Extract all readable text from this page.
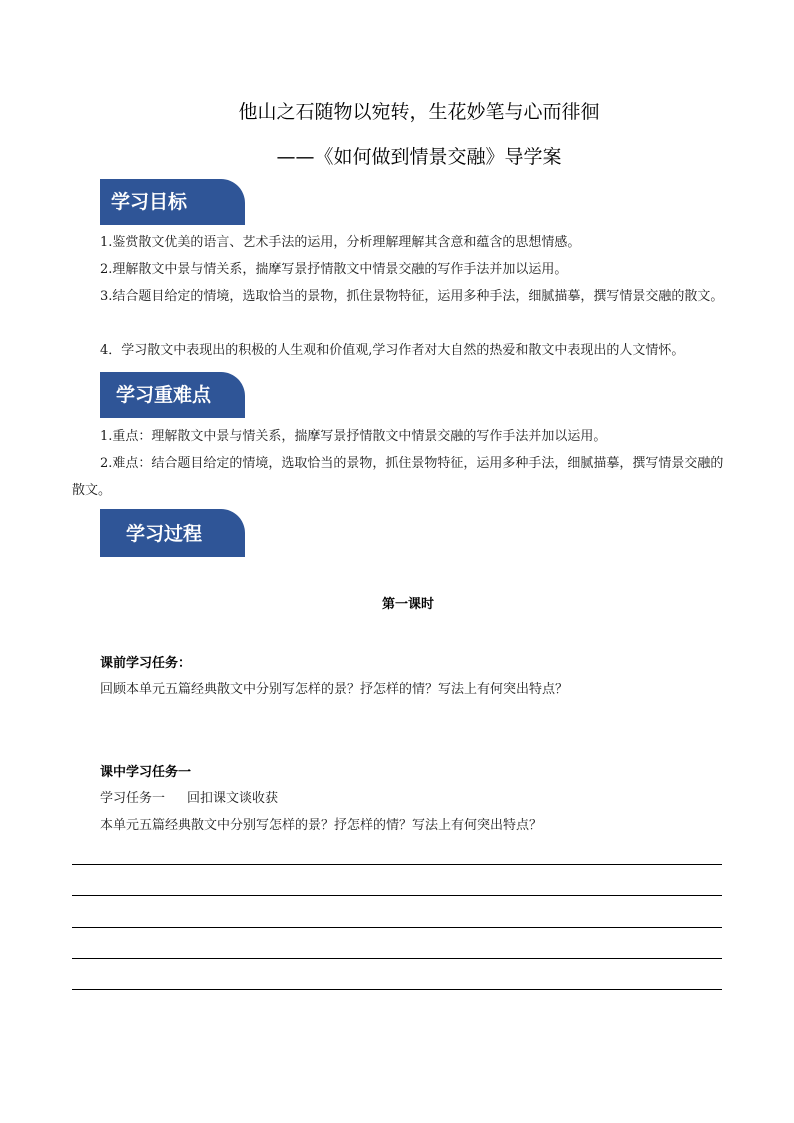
他山之石随物以宛转，生花妙笔与心而徘徊
——《如何做到情景交融》导学案
学习目标

1.鉴赏散文优美的语言、艺术手法的运用，分析理解理解其含意和蕴含的思想情感。

2.理解散文中景与情关系，揣摩写景抒情散文中情景交融的写作手法并加以运用。

3.结合题目给定的情境，选取恰当的景物，抓住景物特征，运用多种手法，细腻描摹，撰写情景交融的散文。

4．学习散文中表现出的积极的人生观和价值观,学习作者对大自然的热爱和散文中表现出的人文情怀。

学习重难点

1.重点：理解散文中景与情关系，揣摩写景抒情散文中情景交融的写作手法并加以运用。

2.难点：结合题目给定的情境，选取恰当的景物，抓住景物特征，运用多种手法，细腻描摹，撰写情景交融的散文。

学习过程

第一课时

课前学习任务：

回顾本单元五篇经典散文中分别写怎样的景？抒怎样的情？写法上有何突出特点？

课中学习任务一

学习任务一 回扣课文谈收获

本单元五篇经典散文中分别写怎样的景？抒怎样的情？写法上有何突出特点？
